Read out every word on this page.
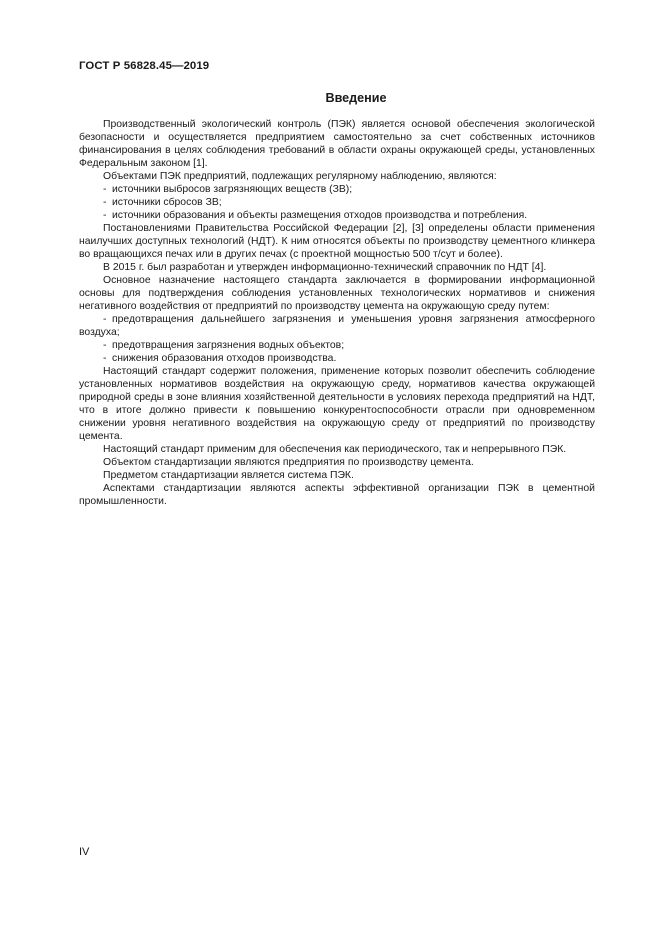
ГОСТ Р 56828.45—2019
Введение

Производственный экологический контроль (ПЭК) является основой обеспечения экологической безопасности и осуществляется предприятием самостоятельно за счет собственных источников финансирования в целях соблюдения требований в области охраны окружающей среды, установленных Федеральным законом [1].

Объектами ПЭК предприятий, подлежащих регулярному наблюдению, являются:

- источники выбросов загрязняющих веществ (ЗВ);

- источники сбросов ЗВ;

- источники образования и объекты размещения отходов производства и потребления.

Постановлениями Правительства Российской Федерации [2], [3] определены области применения наилучших доступных технологий (НДТ). К ним относятся объекты по производству цементного клинкера во вращающихся печах или в других печах (с проектной мощностью 500 т/сут и более).

В 2015 г. был разработан и утвержден информационно-технический справочник по НДТ [4].

Основное назначение настоящего стандарта заключается в формировании информационной основы для подтверждения соблюдения установленных технологических нормативов и снижения негативного воздействия от предприятий по производству цемента на окружающую среду путем:

- предотвращения дальнейшего загрязнения и уменьшения уровня загрязнения атмосферного воздуха;

- предотвращения загрязнения водных объектов;

- снижения образования отходов производства.

Настоящий стандарт содержит положения, применение которых позволит обеспечить соблюдение установленных нормативов воздействия на окружающую среду, нормативов качества окружающей природной среды в зоне влияния хозяйственной деятельности в условиях перехода предприятий на НДТ, что в итоге должно привести к повышению конкурентоспособности отрасли при одновременном снижении уровня негативного воздействия на окружающую среду от предприятий по производству цемента.

Настоящий стандарт применим для обеспечения как периодического, так и непрерывного ПЭК.

Объектом стандартизации являются предприятия по производству цемента.

Предметом стандартизации является система ПЭК.

Аспектами стандартизации являются аспекты эффективной организации ПЭК в цементной промышленности.

IV
